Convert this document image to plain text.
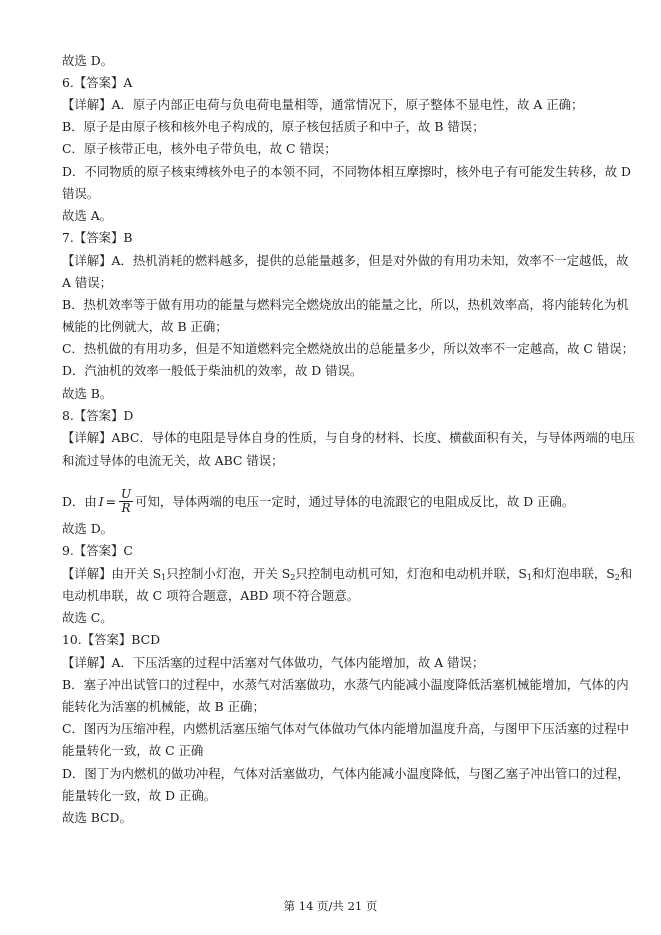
故选 D。
6.【答案】A
【详解】A．原子内部正电荷与负电荷电量相等，通常情况下，原子整体不显电性，故 A 正确；
B．原子是由原子核和核外电子构成的，原子核包括质子和中子，故 B 错误；
C．原子核带正电，核外电子带负电，故 C 错误；
D．不同物质的原子核束缚核外电子的本领不同，不同物体相互摩擦时，核外电子有可能发生转移，故 D
错误。
故选 A。
7.【答案】B
【详解】A．热机消耗的燃料越多，提供的总能量越多，但是对外做的有用功未知，效率不一定越低，故
A 错误；
B．热机效率等于做有用功的能量与燃料完全燃烧放出的能量之比，所以，热机效率高，将内能转化为机
械能的比例就大，故 B 正确；
C．热机做的有用功多，但是不知道燃料完全燃烧放出的总能量多少，所以效率不一定越高，故 C 错误；
D．汽油机的效率一般低于柴油机的效率，故 D 错误。
故选 B。
8.【答案】D
【详解】ABC．导体的电阻是导体自身的性质，与自身的材料、长度、横截面积有关，与导体两端的电压
和流过导体的电流无关，故 ABC 错误；
故选 D。
9.【答案】C
故选 C。
10.【答案】BCD
【详解】A．下压活塞的过程中活塞对气体做功，气体内能增加，故 A 错误；
B．塞子冲出试管口的过程中，水蒸气对活塞做功，水蒸气内能减小温度降低活塞机械能增加，气体的内
能转化为活塞的机械能，故 B 正确；
C．图丙为压缩冲程，内燃机活塞压缩气体对气体做功气体内能增加温度升高，与图甲下压活塞的过程中
能量转化一致，故 C 正确
D．图丁为内燃机的做功冲程，气体对活塞做功，气体内能减小温度降低，与图乙塞子冲出管口的过程，
能量转化一致，故 D 正确。
故选 BCD。
D．由 $I = \frac{U}{R}$ 可知，导体两端的电压一定时，通过导体的电流跟它的电阻成反比，故 D 正确。
【详解】由开关 $S_1$只控制小灯泡，开关 $S_2$只控制电动机可知，灯泡和电动机并联，$S_1$和灯泡串联，$S_2$和
电动机串联，故 C 项符合题意，ABD 项不符合题意。
第 14 页/共 21 页
